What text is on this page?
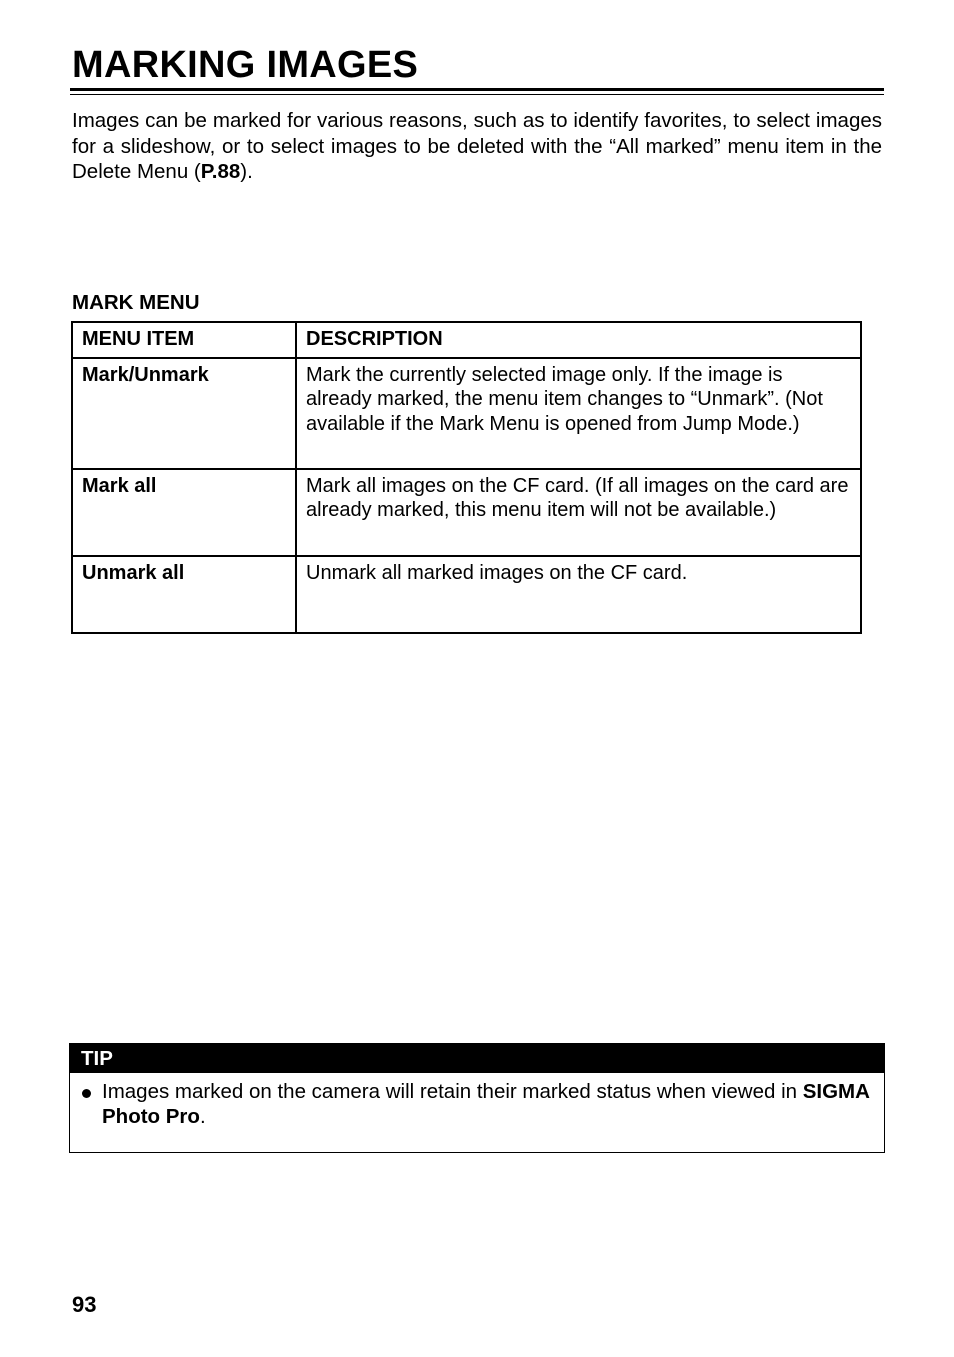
MARKING IMAGES

Images can be marked for various reasons, such as to identify favorites, to select images for a slideshow, or to select images to be deleted with the “All marked” menu item in the Delete Menu (P.88).

MARK MENU
MENU ITEM	DESCRIPTION
Mark/Unmark	Mark the currently selected image only. If the image is already marked, the menu item changes to “Unmark”. (Not available if the Mark Menu is opened from Jump Mode.)
Mark all	Mark all images on the CF card. (If all images on the card are already marked, this menu item will not be available.)
Unmark all	Unmark all marked images on the CF card.
TIP
Images marked on the camera will retain their marked status when viewed in SIGMA Photo Pro.
93
